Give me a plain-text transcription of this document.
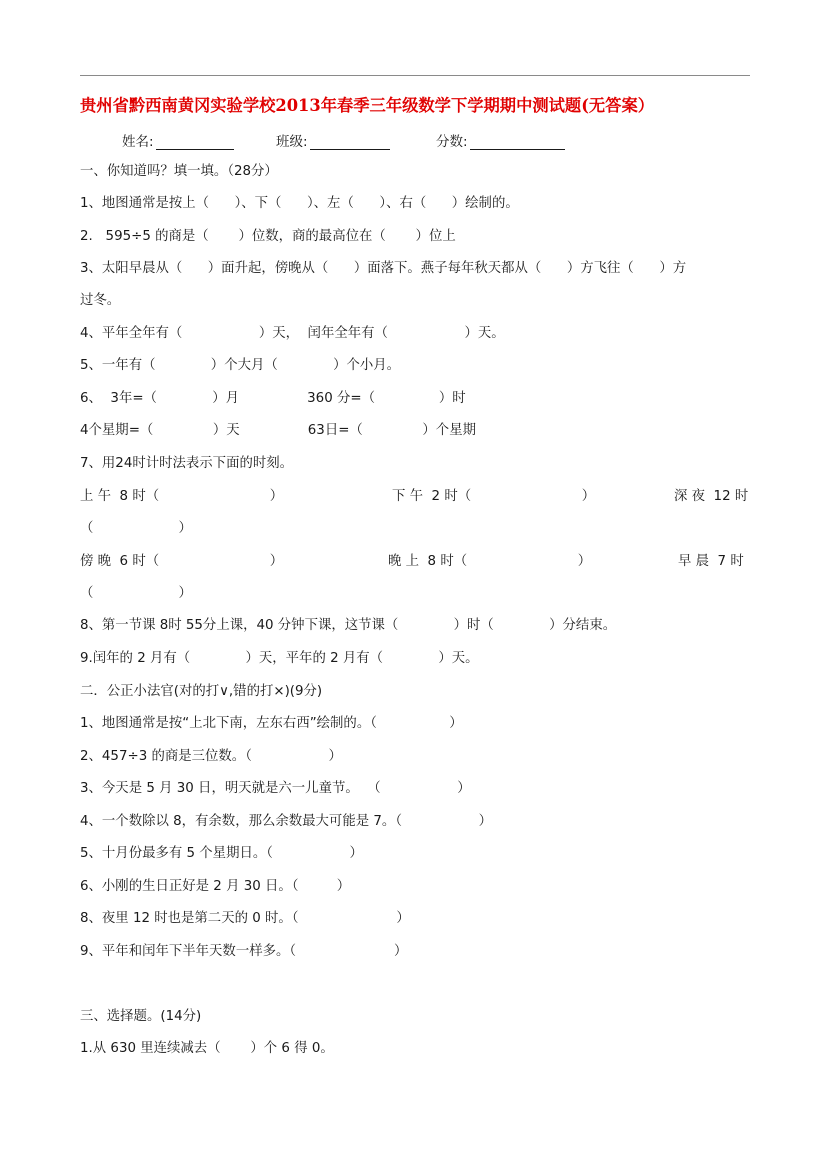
贵州省黔西南黄冈实验学校2013年春季三年级数学下学期期中测试题(无答案）
姓名:	班级:	分数:
一、你知道吗？填一填。（28分）
1、地图通常是按上（      ）、下（      ）、左（      ）、右（      ）绘制的。
2.   595÷5 的商是（       ）位数，商的最高位在（       ）位上
3、太阳早晨从（      ）面升起，傍晚从（      ）面落下。燕子每年秋天都从（      ）方飞往（      ）方
过冬。
4、平年全年有（                  ）天，  闰年全年有（                  ）天。
5、一年有（             ）个大月（             ）个小月。
6、  3年=（             ）月                360 分=（               ）时
4个星期=（              ）天                63日=（              ）个星期
7、用24时计时法表示下面的时刻。
上 午  8 时（                          ）	下 午  2 时（                          ）	深 夜  12 时
（                    ）
傍 晚  6 时（                          ）	晚 上  8 时（                          ）	早 晨  7 时
（                    ）
8、第一节课 8时 55分上课，40 分钟下课，这节课（             ）时（             ）分结束。
9.闰年的 2 月有（             ）天，平年的 2 月有（             ）天。
二．公正小法官(对的打∨,错的打×)(9分)
1、地图通常是按“上北下南，左东右西”绘制的。（                 ）
2、457÷3 的商是三位数。（                  ）
3、今天是 5 月 30 日，明天就是六一儿童节。  （                  ）
4、一个数除以 8，有余数，那么余数最大可能是 7。（                  ）
5、十月份最多有 5 个星期日。（                  ）
6、小刚的生日正好是 2 月 30 日。（         ）
8、夜里 12 时也是第二天的 0 时。（                       ）
9、平年和闰年下半年天数一样多。（                       ）
三、选择题。(14分)
1.从 630 里连续减去（       ）个 6 得 0。
